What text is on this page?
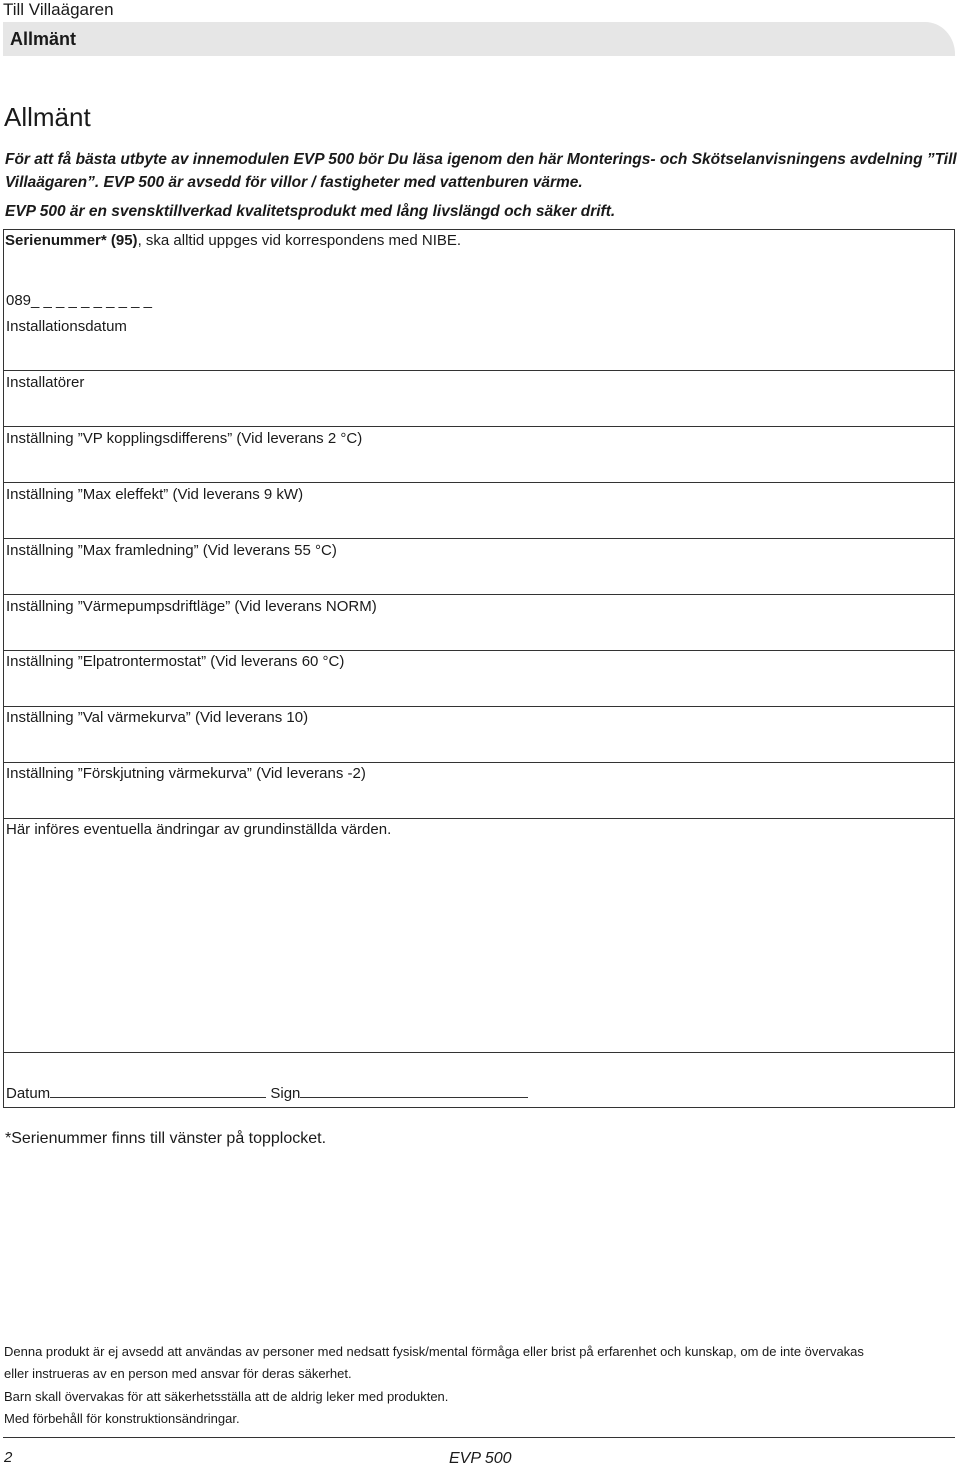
Till Villaägaren
Allmänt
Allmänt
För att få bästa utbyte av innemodulen EVP 500 bör Du läsa igenom den här Monterings- och Skötselanvisningens avdelning ”Till Villaägaren”. EVP 500 är avsedd för villor / fastigheter med vattenburen värme.
EVP 500 är en svensktillverkad kvalitetsprodukt med lång livslängd och säker drift.
Serienummer* (95), ska alltid uppges vid korrespondens med NIBE.
089_ _ _ _ _ _ _ _ _ _
Installationsdatum
Installatörer
Inställning ”VP kopplingsdifferens” (Vid leverans 2 °C)
Inställning ”Max eleffekt” (Vid leverans 9 kW)
Inställning ”Max framledning” (Vid leverans 55 °C)
Inställning ”Värmepumpsdriftläge” (Vid leverans NORM)
Inställning ”Elpatrontermostat” (Vid leverans 60 °C)
Inställning ”Val värmekurva” (Vid leverans 10)
Inställning ”Förskjutning värmekurva” (Vid leverans -2)
Här införes eventuella ändringar av grundinställda värden.
Datum	Sign
*Serienummer finns till vänster på topplocket.
Denna produkt är ej avsedd att användas av personer med nedsatt fysisk/mental förmåga eller brist på erfarenhet och kunskap, om de inte övervakas
eller instrueras av en person med ansvar för deras säkerhet.
Barn skall övervakas för att säkerhetsställa att de aldrig leker med produkten.
Med förbehåll för konstruktionsändringar.
2	EVP 500
